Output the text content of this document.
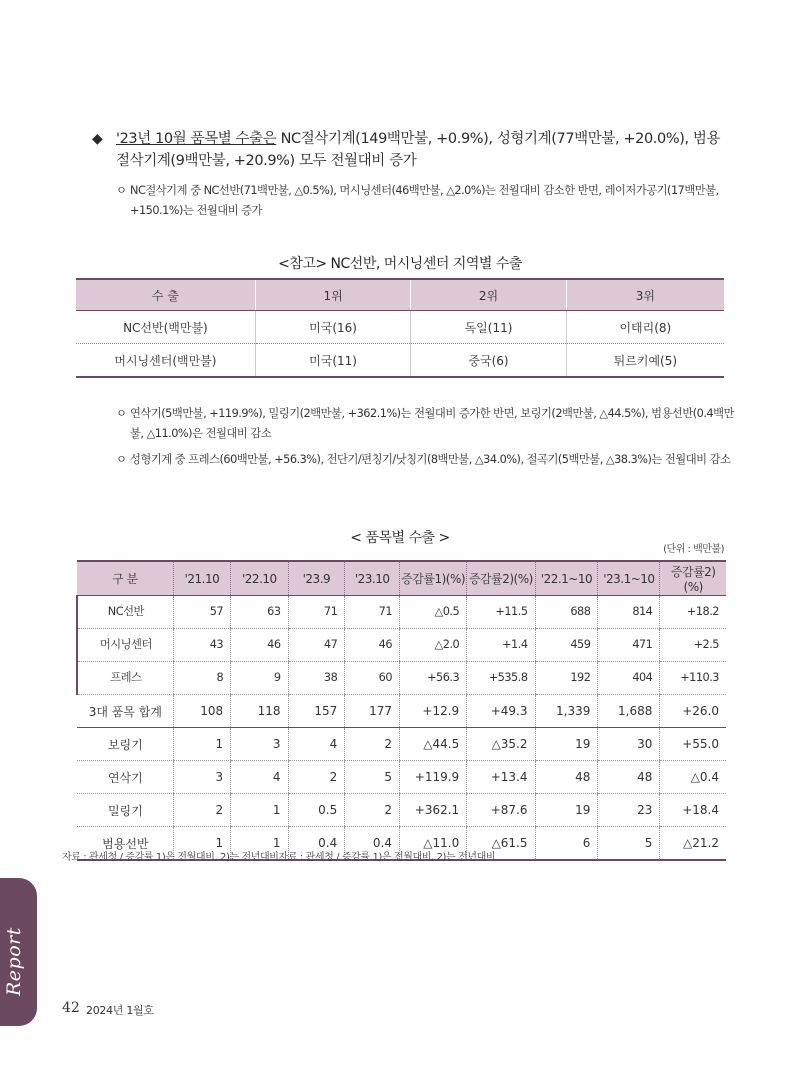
◆ '23년 10월 품목별 수출은 NC절삭기계(149백만불, +0.9%), 성형기계(77백만불, +20.0%), 범용절삭기계(9백만불, +20.9%) 모두 전월대비 증가
ㅇ NC절삭기계 중 NC선반(71백만불, △0.5%), 머시닝센터(46백만불, △2.0%)는 전월대비 감소한 반면, 레이저가공기(17백만불, +150.1%)는 전월대비 증가
<참고> NC선반, 머시닝센터 지역별 수출
수 출	1위	2위	3위
NC선반(백만불)	미국(16)	독일(11)	이태리(8)
머시닝센터(백만불)	미국(11)	중국(6)	튀르키예(5)
ㅇ 연삭기(5백만불, +119.9%), 밀링기(2백만불, +362.1%)는 전월대비 증가한 반면, 보링기(2백만불, △44.5%), 범용선반(0.4백만불, △11.0%)은 전월대비 감소
ㅇ 성형기계 중 프레스(60백만불, +56.3%), 전단기/편칭기/낫칭기(8백만불, △34.0%), 절곡기(5백만불, △38.3%)는 전월대비 감소
< 품목별 수출 >
(단위 : 백만불)
구 분	'21.10	'22.10	'23.9	'23.10	증감률1)(%)	증감률2)(%)	'22.1~10	'23.1~10	증감률2)(%)
NC선반	57	63	71	71	△0.5	+11.5	688	814	+18.2
머시닝센터	43	46	47	46	△2.0	+1.4	459	471	+2.5
프레스	8	9	38	60	+56.3	+535.8	192	404	+110.3
3대 품목 합계	108	118	157	177	+12.9	+49.3	1,339	1,688	+26.0
보링기	1	3	4	2	△44.5	△35.2	19	30	+55.0
연삭기	3	4	2	5	+119.9	+13.4	48	48	△0.4
밀링기	2	1	0.5	2	+362.1	+87.6	19	23	+18.4
범용선반	1	1	0.4	0.4	△11.0	△61.5	6	5	△21.2
자료 : 관세청 / 증감률 1)은 전월대비, 2)는 전년대비자료 : 관세청 / 증감률 1)은 전월대비, 2)는 전년대비
Report
42 2024년 1월호
